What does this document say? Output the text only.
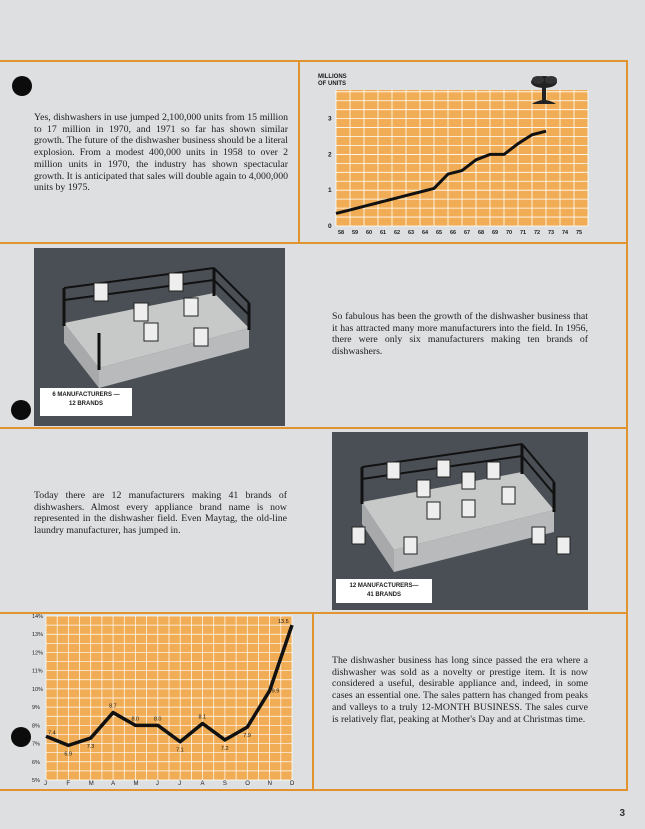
Yes, dishwashers in use jumped 2,100,000 units from 15 million to 17 million in 1970, and 1971 so far has shown similar growth. The future of the dishwasher business should be a literal explosion. From a modest 400,000 units in 1958 to over 2 million units in 1970, the industry has shown spectacular growth. It is anticipated that sales will double again to 4,000,000 units by 1975.
MILLIONS
OF UNITS
58 59 60 61 62 63 64 65 66 67 68 69 70 71 72 73 74 75
0
1
2
3
6 MANUFACTURERS —
12 BRANDS
So fabulous has been the growth of the dishwasher business that it has attracted many more manufacturers into the field. In 1956, there were only six manufacturers making ten brands of dishwashers.
Today there are 12 manufacturers making 41 brands of dishwashers. Almost every appliance brand name is now represented in the dishwasher field. Even Maytag, the old-line laundry manufacturer, has jumped in.
12 MANUFACTURERS—
41 BRANDS
5%
6%
7%
8%
9%
10%
11%
12%
13%
14%
J	F	M	A	M	J	J	A	S	O	N	D
7.4
6.9
7.3
8.7
8.0	8.0
7.1
8.1
7.2
7.9
9.9
13.5
The dishwasher business has long since passed the era where a dishwasher was sold as a novelty or prestige item. It is now considered a useful, desirable appliance and, indeed, in some cases an essential one. The sales pattern has changed from peaks and valleys to a truly 12-MONTH BUSINESS. The sales curve is relatively flat, peaking at Mother's Day and at Christmas time.
3
